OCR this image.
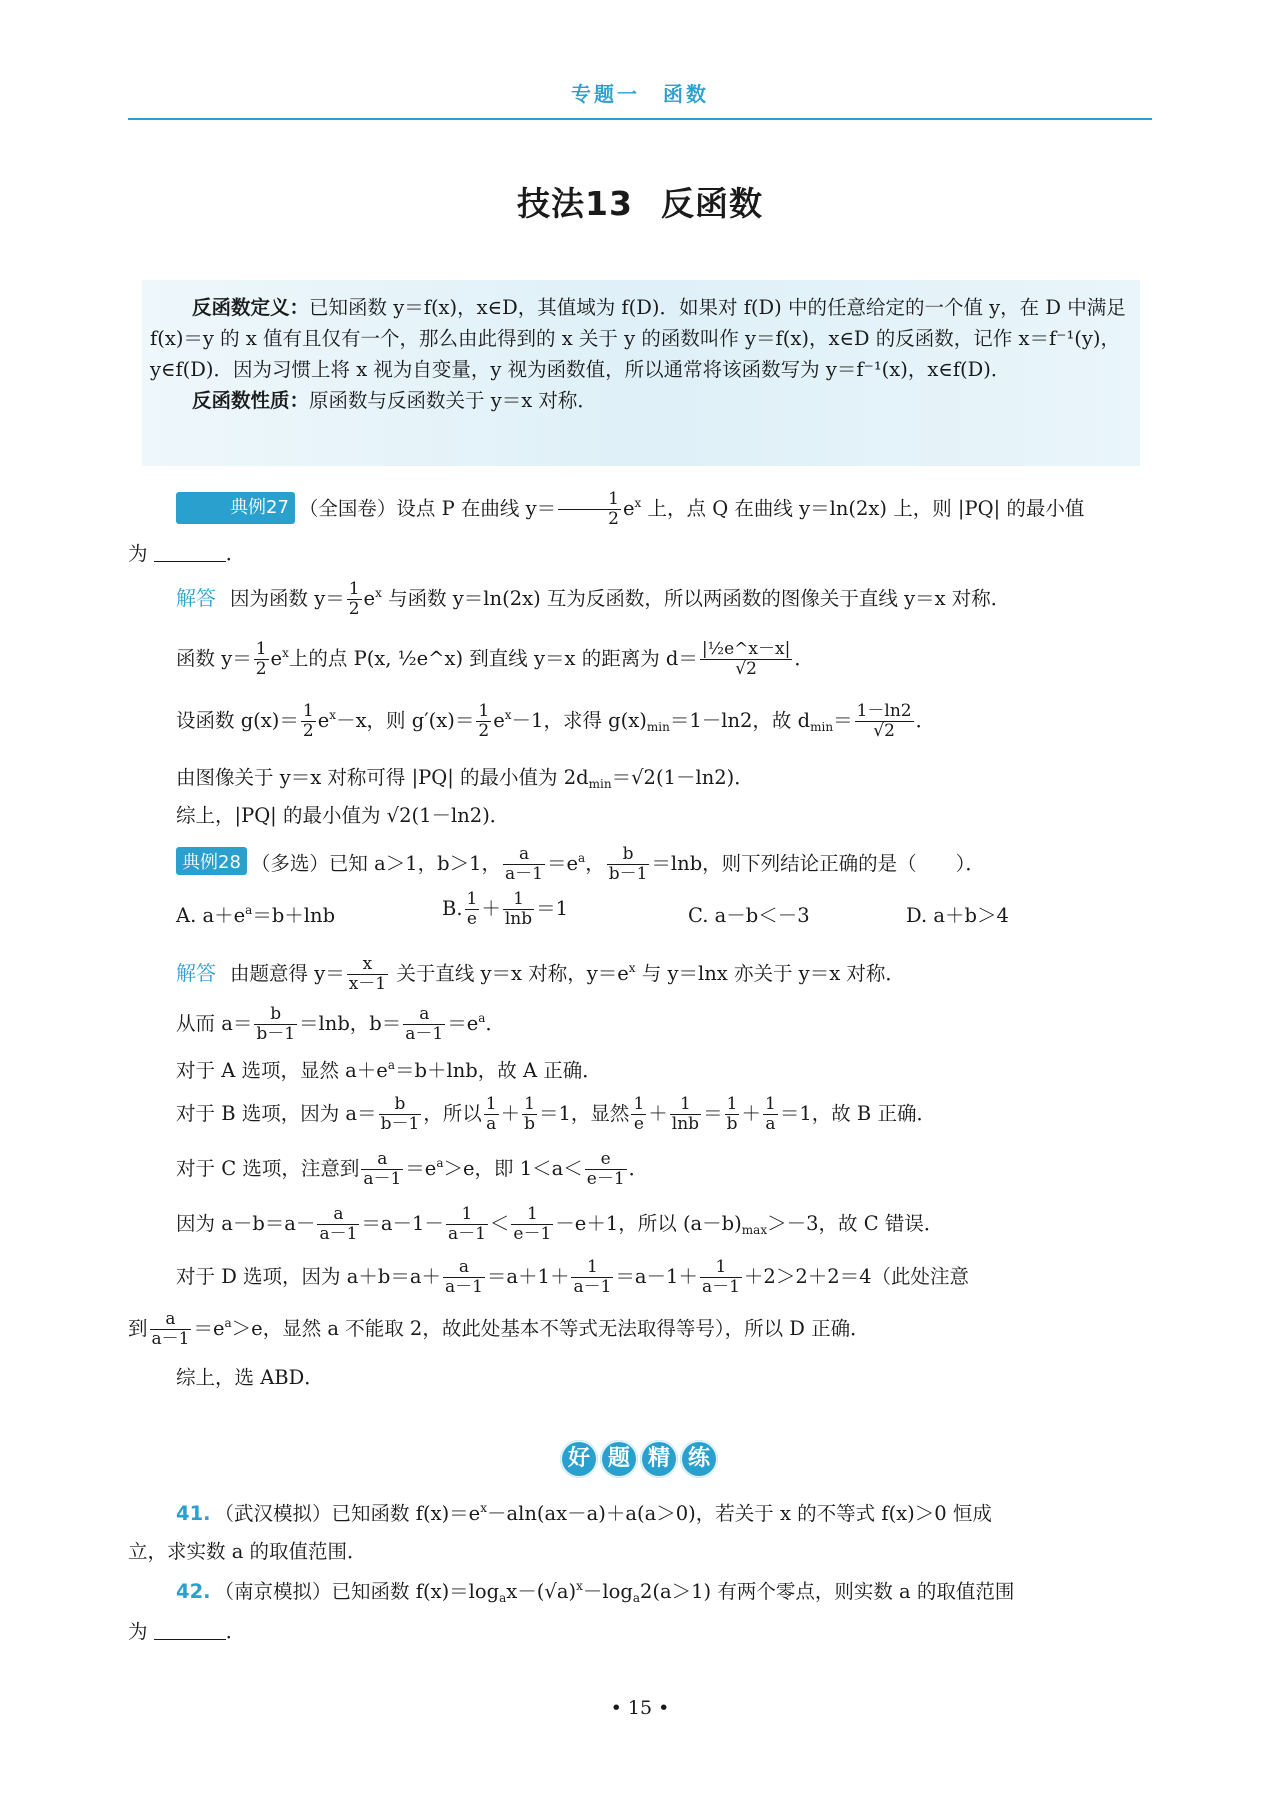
专题一　函数
技法13 反函数
反函数定义：已知函数 y＝f(x)，x∈D，其值域为 f(D)．如果对 f(D) 中的任意给定的一个值 y，在 D 中满足 f(x)＝y 的 x 值有且仅有一个，那么由此得到的 x 关于 y 的函数叫作 y＝f(x)，x∈D 的反函数，记作 x＝f⁻¹(y)，y∈f(D)．因为习惯上将 x 视为自变量，y 视为函数值，所以通常将该函数写为 y＝f⁻¹(x)，x∈f(D)．
反函数性质：原函数与反函数关于 y＝x 对称．
典例27 （全国卷）设点 P 在曲线 $y= \frac{1}{2} e^x$ 上，点 Q 在曲线 y＝ln(2x) 上，则 |PQ| 的最小值
为	．
解答 因为函数 $y= \frac{1}{2} e^x$ 与函数 y＝ln(2x) 互为反函数，所以两函数的图像关于直线 y＝x 对称．
函数 $y= \frac{1}{2} e^x$上的点 P(x, ½e^x) 到直线 y＝x 的距离为 $d= \frac{\text{|½e\textasciicircum{}x－x|}}{√2}$ ．
设函数 $g(x)= \frac{1}{2} e^x-x$，则 $g'(x)= \frac{1}{2} e^x-1$，求得 $g(x)_{min}=1-\ln 2$，故 $d_{min}= \frac{1-\ln 2}{√2}$ ．
由图像关于 y＝x 对称可得 |PQ| 的最小值为 $2d_{min}=√2(1-\ln 2)$．
综上，|PQ| 的最小值为 √2(1－ln2)．
典例28 （多选）已知 a＞1，b＞1， $\frac{a}{a-1} =e^a$， $\frac{b}{b-1} =\ln b$，则下列结论正确的是（　　）．
A. $a+e^a=b+\ln b$	B. $\frac{1}{e} + \frac{1}{\ln b} =1$	C. a－b＜－3	D. a＋b＞4
解答 由题意得 $y= \frac{x}{x-1}$ 关于直线 y＝x 对称，$y=e^x$ 与 y＝lnx 亦关于 y＝x 对称．
从而 $a= \frac{b}{b-1} =\ln b$，$b= \frac{a}{a-1} =e^a$．
对于 A 选项，显然 $a+e^a=b+\ln b$，故 A 正确．
对于 B 选项，因为 $a= \frac{b}{b-1}$ ，所以 $\frac{1}{a} + \frac{1}{b} =1$，显然 $\frac{1}{e} + \frac{1}{\ln b} = \frac{1}{b} + \frac{1}{a} =1$，故 B 正确．
对于 C 选项，注意到 $\frac{a}{a-1} =e^a>e$，即 $1<a< \frac{e}{e-1}$ ．
因为 $a-b=a- \frac{a}{a-1} =a-1- \frac{1}{a-1} < \frac{1}{e-1} -e+1$，所以 $(a-b)_{max}>-3$，故 C 错误．
对于 D 选项，因为 $a+b=a+ \frac{a}{a-1} =a+1+ \frac{1}{a-1} =a-1+ \frac{1}{a-1} +2>2+2=4$（此处注意
到 $\frac{a}{a-1} =e^a>e$，显然 a 不能取 2，故此处基本不等式无法取得等号），所以 D 正确．
综上，选 ABD．
好 题 精 练
41. （武汉模拟）已知函数 $f(x)=e^x-aln(ax-a)+a(a>0)$，若关于 x 的不等式 f(x)＞0 恒成
立，求实数 a 的取值范围．
42. （南京模拟）已知函数 $f(x)=\log_ax-(√a)^x-\log_a2(a>1)$ 有两个零点，则实数 a 的取值范围
为	．
• 15 •
